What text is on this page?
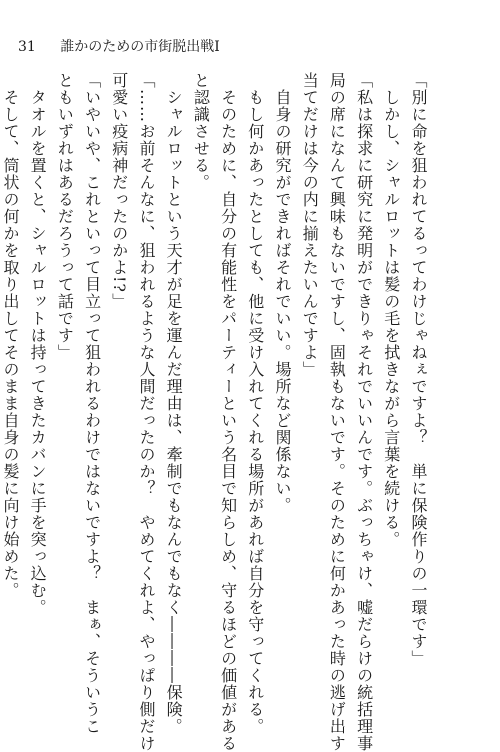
31 誰かのための市街脱出戦Ⅰ
「別に命を狙われてるってわけじゃねぇですよ？　単に保険作りの一環です」
　しかし、シャルロットは髪の毛を拭きながら言葉を続ける。
「私は探求に研究に発明ができりゃそれでいいんです。ぶっちゃけ、嘘だらけの統括理事
局の席になんて興味もないですし、固執もないです。そのために何かあった時の逃げ出す
当てだけは今の内に揃えたいんですよ」
　自身の研究ができればそれでいい。場所など関係ない。
　もし何かあったとしても、他に受け入れてくれる場所があれば自分を守ってくれる。
　そのために、自分の有能性をパーティーという名目で知らしめ、守るほどの価値がある
と認識させる。
　シャルロットという天才が足を運んだ理由は、牽制でもなんでもなく――――保険。
「……お前そんなに、狙われるような人間だったのか？　やめてくれよ、やっぱり側だけ
可愛い疫病神だったのかよ!?」
「いやいや、これといって目立って狙われるわけではないですよ？　まぁ、そういうこ
ともいずれはあるだろうって話です」
　タオルを置くと、シャルロットは持ってきたカバンに手を突っ込む。
　そして、筒状の何かを取り出してそのまま自身の髪に向け始めた。
